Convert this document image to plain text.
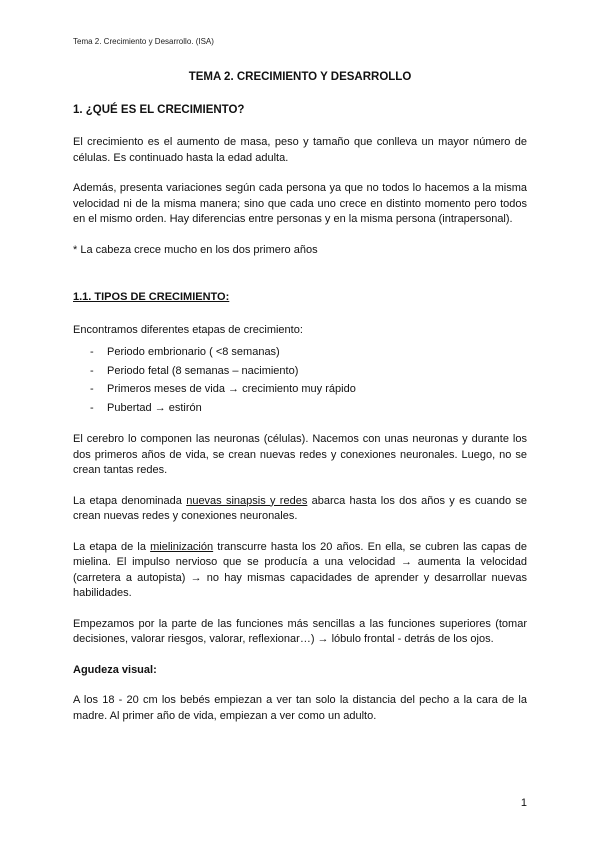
Tema 2. Crecimiento y Desarrollo. (ISA)
TEMA 2. CRECIMIENTO Y DESARROLLO
1. ¿QUÉ ES EL CRECIMIENTO?

El crecimiento es el aumento de masa, peso y tamaño que conlleva un mayor número de células. Es continuado hasta la edad adulta.

Además, presenta variaciones según cada persona ya que no todos lo hacemos a la misma velocidad ni de la misma manera; sino que cada uno crece en distinto momento pero todos en el mismo orden. Hay diferencias entre personas y en la misma persona (intrapersonal).

* La cabeza crece mucho en los dos primero años

1.1. TIPOS DE CRECIMIENTO:

Encontramos diferentes etapas de crecimiento:

- Periodo embrionario ( <8 semanas)
- Periodo fetal (8 semanas – nacimiento)
- Primeros meses de vida → crecimiento muy rápido
- Pubertad → estirón

El cerebro lo componen las neuronas (células). Nacemos con unas neuronas y durante los dos primeros años de vida, se crean nuevas redes y conexiones neuronales. Luego, no se crean tantas redes.

La etapa denominada nuevas sinapsis y redes abarca hasta los dos años y es cuando se crean nuevas redes y conexiones neuronales.

La etapa de la mielinización transcurre hasta los 20 años. En ella, se cubren las capas de mielina. El impulso nervioso que se producía a una velocidad → aumenta la velocidad (carretera a autopista) → no hay mismas capacidades de aprender y desarrollar nuevas habilidades.

Empezamos por la parte de las funciones más sencillas a las funciones superiores (tomar decisiones, valorar riesgos, valorar, reflexionar…) → lóbulo frontal - detrás de los ojos.

Agudeza visual:

A los 18 - 20 cm los bebés empiezan a ver tan solo la distancia del pecho a la cara de la madre. Al primer año de vida, empiezan a ver como un adulto.

1
